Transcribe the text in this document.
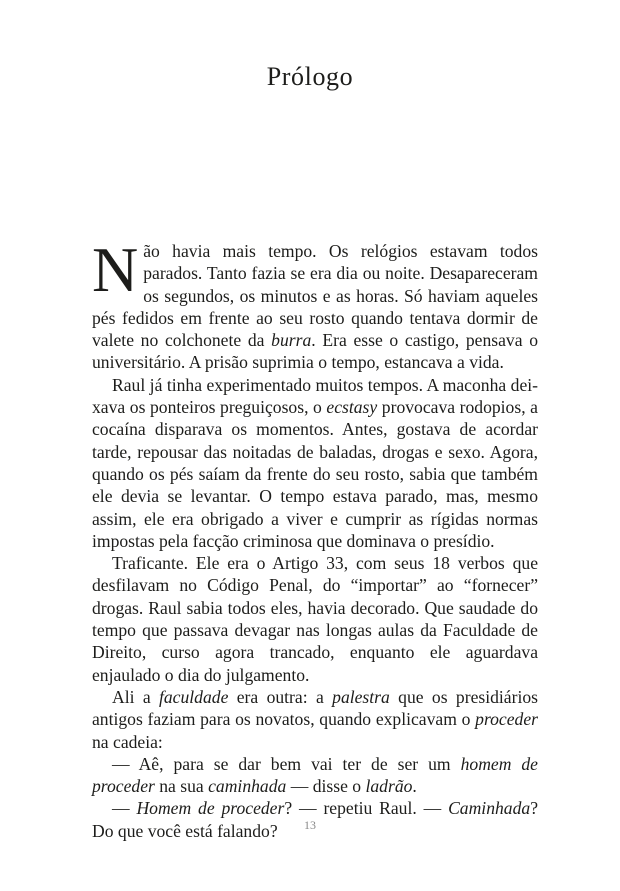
Prólogo

Não havia mais tempo. Os relógios estavam todos parados. Tanto fazia se era dia ou noite. Desapareceram os segundos, os minutos e as horas. Só haviam aqueles pés fedidos em frente ao seu rosto quando tentava dormir de valete no colchonete da burra. Era esse o castigo, pensava o universitário. A prisão suprimia o tempo, estancava a vida.

Raul já tinha experimentado muitos tempos. A maconha deixava os ponteiros preguiçosos, o ecstasy provocava rodopios, a cocaína disparava os momentos. Antes, gostava de acordar tarde, repousar das noitadas de baladas, drogas e sexo. Agora, quando os pés saíam da frente do seu rosto, sabia que também ele devia se levantar. O tempo estava parado, mas, mesmo assim, ele era obrigado a viver e cumprir as rígidas normas impostas pela facção criminosa que dominava o presídio.

Traficante. Ele era o Artigo 33, com seus 18 verbos que desfilavam no Código Penal, do “importar” ao “fornecer” drogas. Raul sabia todos eles, havia decorado. Que saudade do tempo que passava devagar nas longas aulas da Faculdade de Direito, curso agora trancado, enquanto ele aguardava enjaulado o dia do julgamento.

Ali a faculdade era outra: a palestra que os presidiários antigos faziam para os novatos, quando explicavam o proceder na cadeia:

— Aê, para se dar bem vai ter de ser um homem de proceder na sua caminhada — disse o ladrão.

— Homem de proceder? — repetiu Raul. — Caminhada? Do que você está falando?	13
